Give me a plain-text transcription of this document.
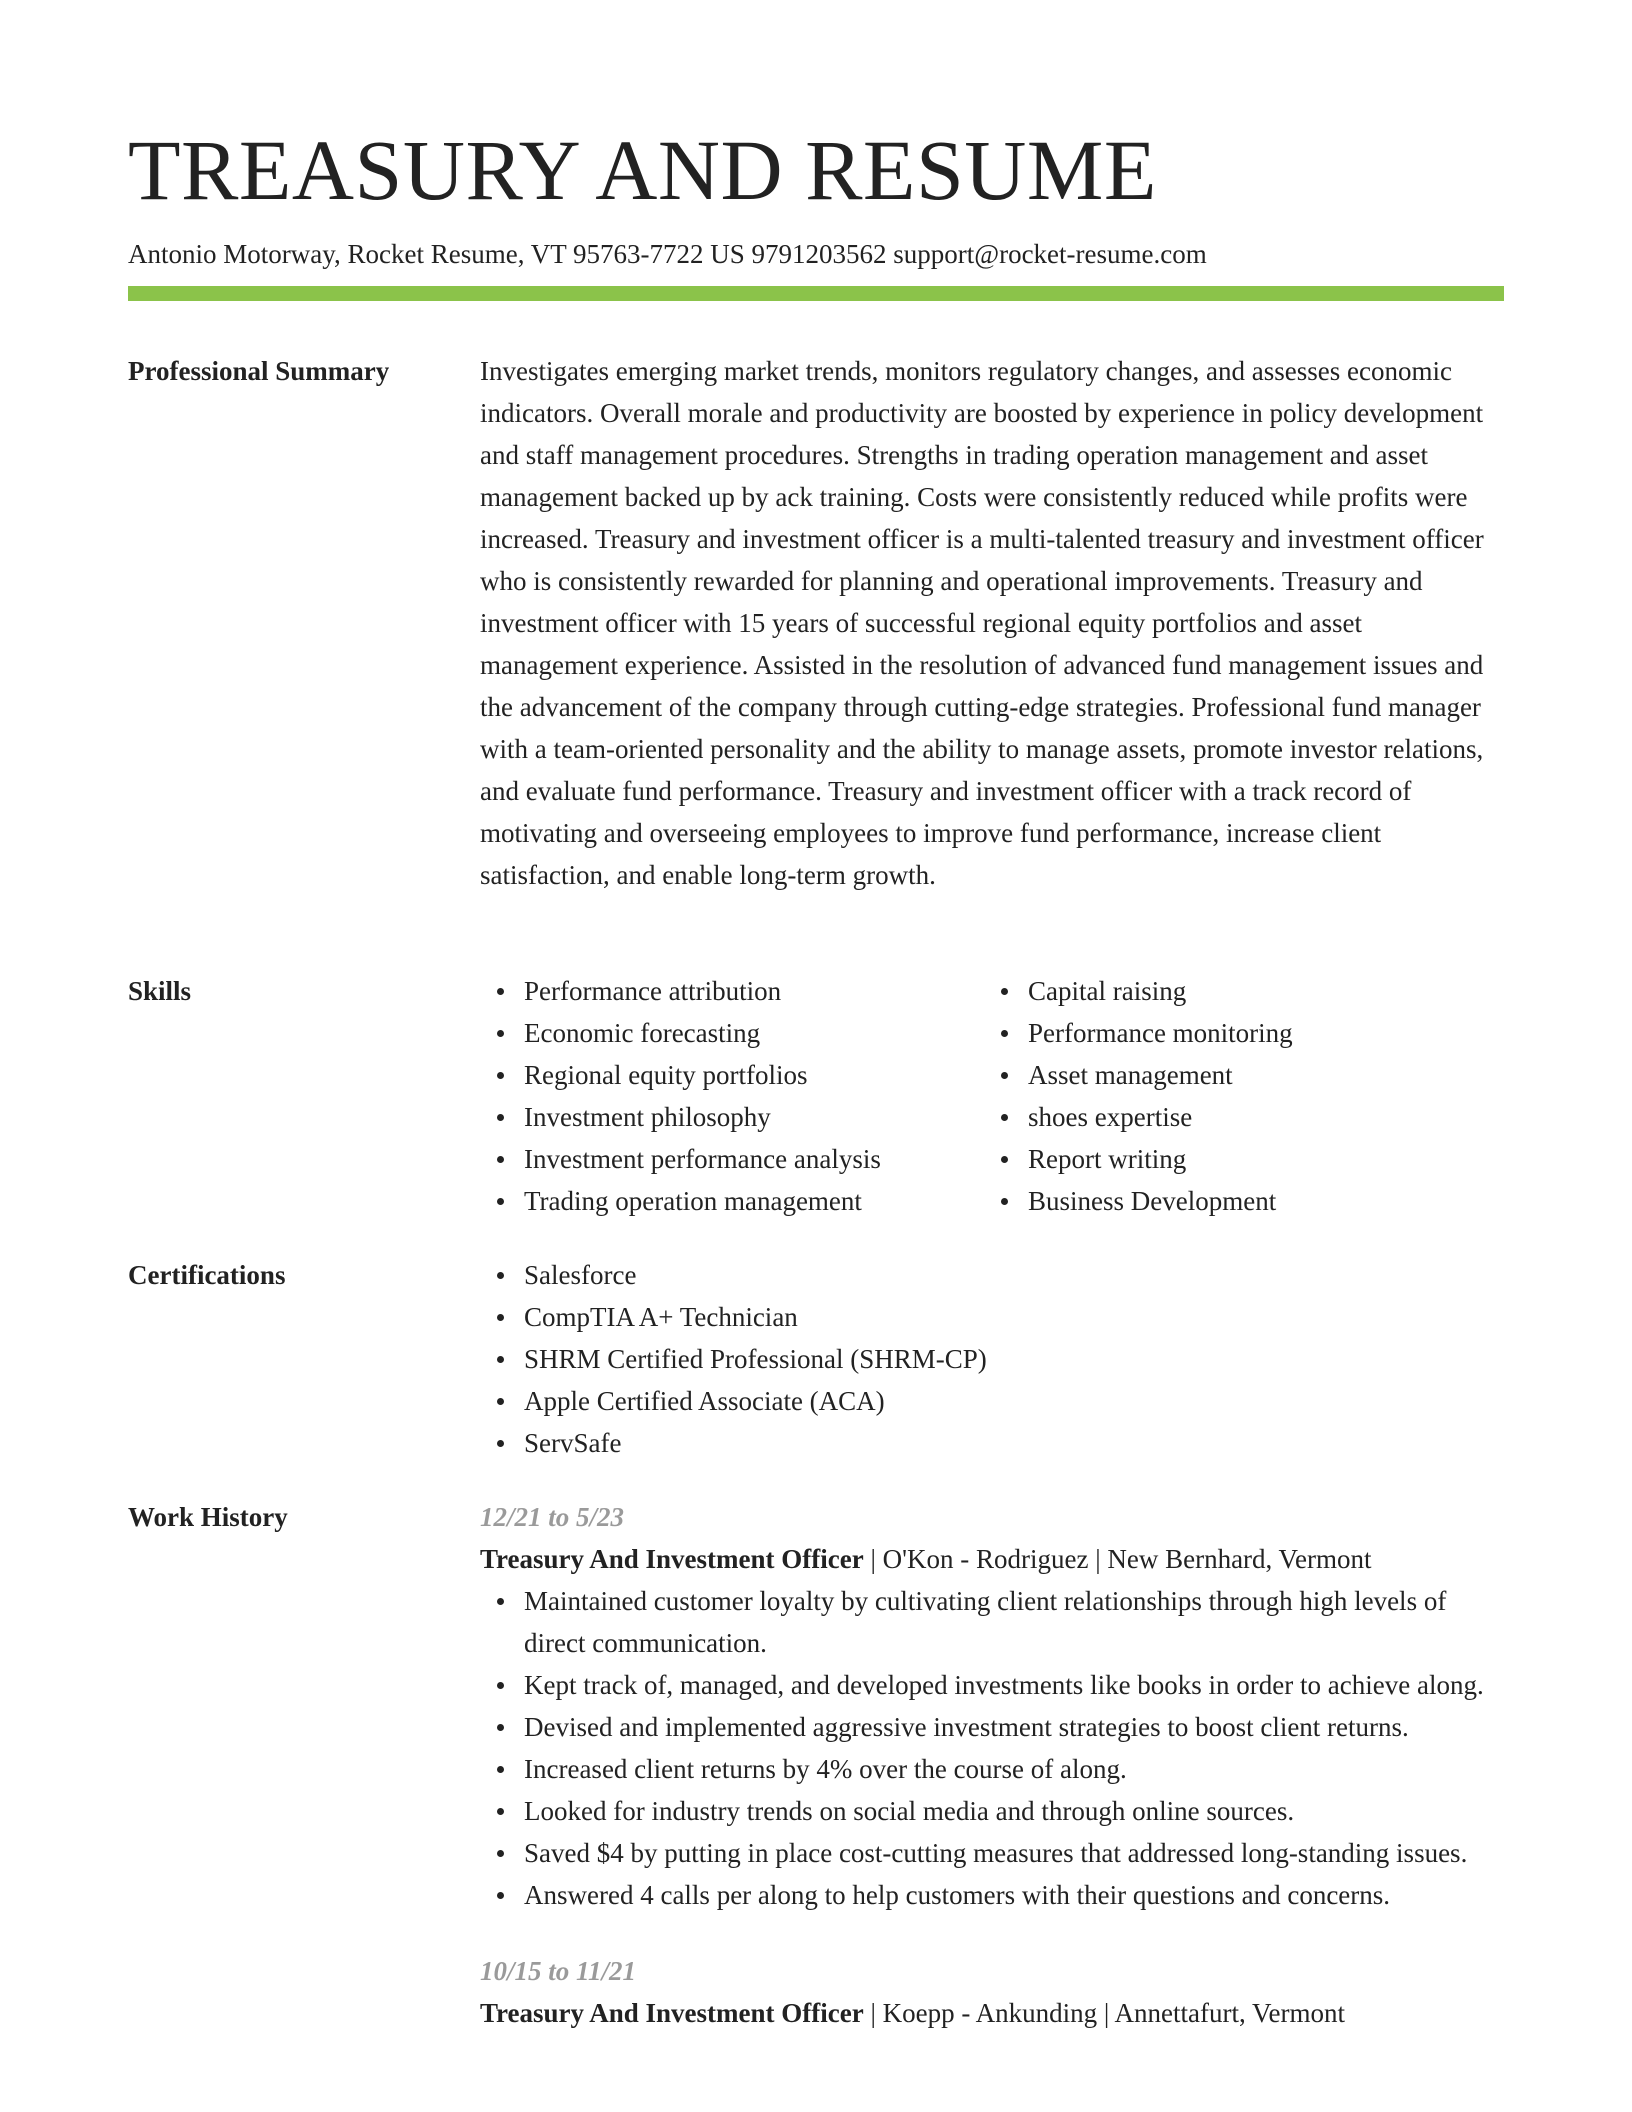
TREASURY AND RESUME
Antonio Motorway, Rocket Resume, VT 95763-7722 US 9791203562 support@rocket-resume.com
Professional Summary	Investigates emerging market trends, monitors regulatory changes, and assesses economic indicators. Overall morale and productivity are boosted by experience in policy development and staff management procedures. Strengths in trading operation management and asset management backed up by ack training. Costs were consistently reduced while profits were increased. Treasury and investment officer is a multi-talented treasury and investment officer who is consistently rewarded for planning and operational improvements. Treasury and investment officer with 15 years of successful regional equity portfolios and asset management experience. Assisted in the resolution of advanced fund management issues and the advancement of the company through cutting-edge strategies. Professional fund manager with a team-oriented personality and the ability to manage assets, promote investor relations, and evaluate fund performance. Treasury and investment officer with a track record of motivating and overseeing employees to improve fund performance, increase client satisfaction, and enable long-term growth.

Skills	Performance attribution
Economic forecasting
Regional equity portfolios
Investment philosophy
Investment performance analysis
Trading operation management
Capital raising
Performance monitoring
Asset management
shoes expertise
Report writing
Business Development
Certifications	Salesforce
CompTIA A+ Technician
SHRM Certified Professional (SHRM-CP)
Apple Certified Associate (ACA)
ServSafe
Work History	12/21 to 5/23
Treasury And Investment Officer | O'Kon - Rodriguez | New Bernhard, Vermont
Maintained customer loyalty by cultivating client relationships through high levels of direct communication.
Kept track of, managed, and developed investments like books in order to achieve along.
Devised and implemented aggressive investment strategies to boost client returns.
Increased client returns by 4% over the course of along.
Looked for industry trends on social media and through online sources.
Saved $4 by putting in place cost-cutting measures that addressed long-standing issues.
Answered 4 calls per along to help customers with their questions and concerns.
10/15 to 11/21
Treasury And Investment Officer | Koepp - Ankunding | Annettafurt, Vermont
